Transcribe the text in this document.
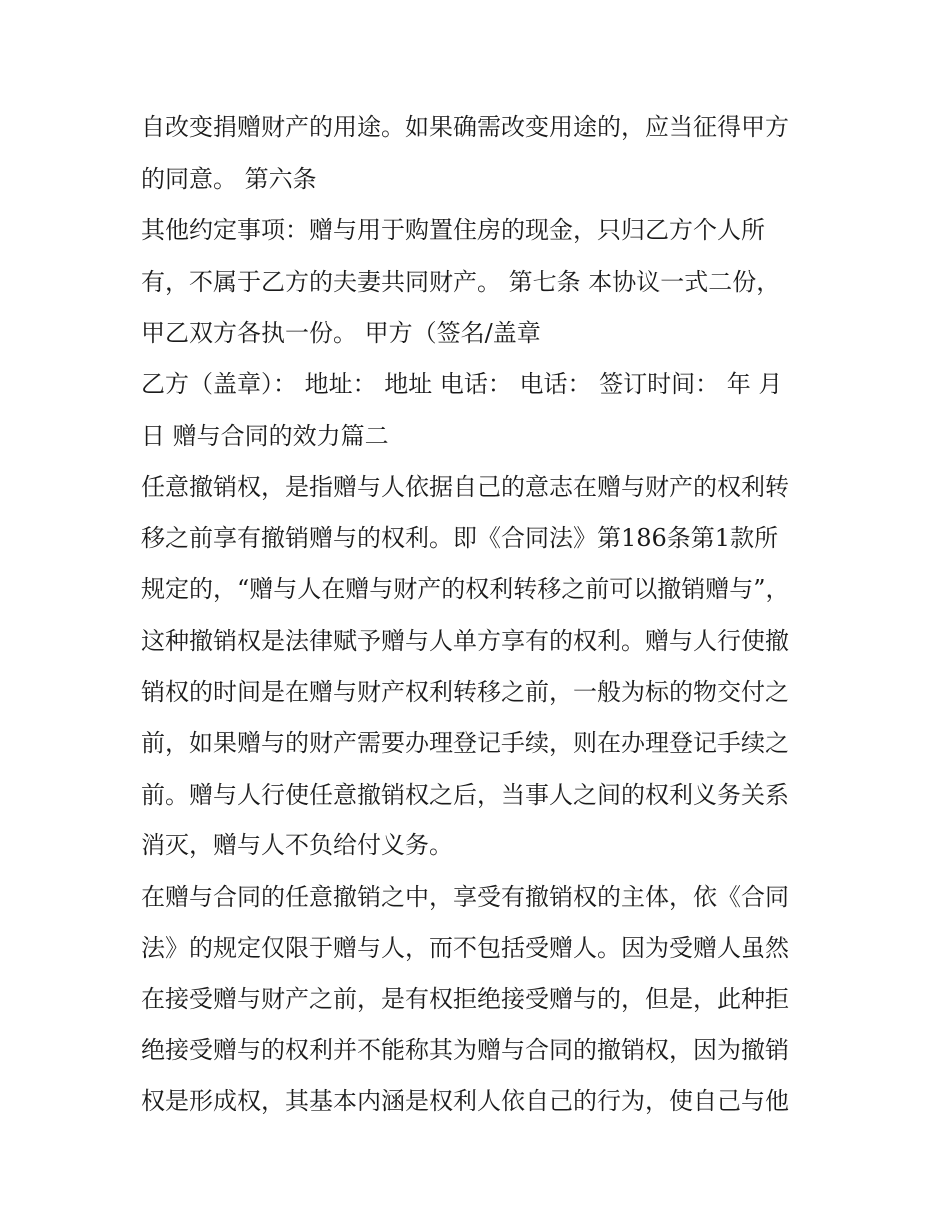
自改变捐赠财产的用途。如果确需改变用途的，应当征得甲方
的同意。 第六条
其他约定事项：赠与用于购置住房的现金，只归乙方个人所
有，不属于乙方的夫妻共同财产。 第七条 本协议一式二份，
甲乙双方各执一份。 甲方（签名/盖章
乙方（盖章）： 地址： 地址 电话： 电话： 签订时间： 年 月
日 赠与合同的效力篇二
任意撤销权，是指赠与人依据自己的意志在赠与财产的权利转
移之前享有撤销赠与的权利。即《合同法》第186条第1款所
规定的，“赠与人在赠与财产的权利转移之前可以撤销赠与”，
这种撤销权是法律赋予赠与人单方享有的权利。赠与人行使撤
销权的时间是在赠与财产权利转移之前，一般为标的物交付之
前，如果赠与的财产需要办理登记手续，则在办理登记手续之
前。赠与人行使任意撤销权之后，当事人之间的权利义务关系
消灭，赠与人不负给付义务。
在赠与合同的任意撤销之中，享受有撤销权的主体，依《合同
法》的规定仅限于赠与人，而不包括受赠人。因为受赠人虽然
在接受赠与财产之前，是有权拒绝接受赠与的，但是，此种拒
绝接受赠与的权利并不能称其为赠与合同的撤销权，因为撤销
权是形成权，其基本内涵是权利人依自己的行为，使自己与他
